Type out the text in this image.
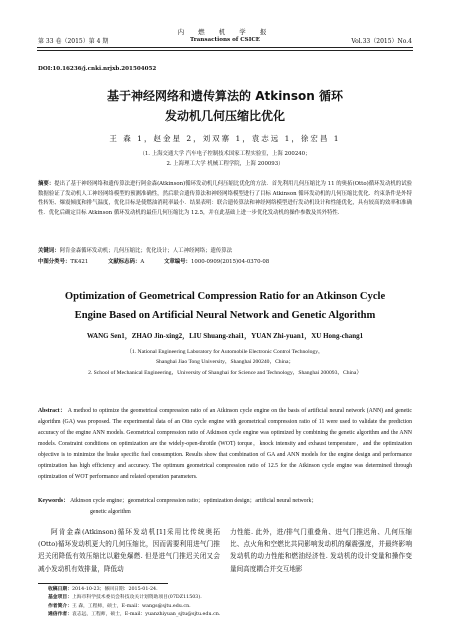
第 33 卷（2015）第 4 期
内 燃 机 学 报
Transactions of CSICE	Vol.33（2015）No.4
DOI:10.16236/j.cnki.nrjxb.201504052
基于神经网络和遗传算法的 Atkinson 循环
发动机几何压缩比优化
王 森 1，赵金星 2，刘双寨 1，袁志远 1，徐宏昌 1
（1. 上海交通大学 汽车电子控制技术国家工程实验室，上海 200240；
2. 上海理工大学 机械工程学院，上海 200093）
摘要：提出了基于神经网络和遗传算法进行阿金森(Atkinson)循环发动机几何压缩比优化的方法．首先利用几何压缩比为 11 的奥拓(Otto)循环发动机的试验数据验证了发动机人工神经网络模型的预测准确性，然后联合遗传算法和神经网络模型进行了目标 Atkinson 循环发动机的几何压缩比优化．约束条件是外特性转矩、爆震倾度和排气温度，优化目标是使燃油消耗率最小．结果表明：联合遗传算法和神经网络模型进行发动机设计和性能优化，具有较高的效率和准确性．优化后确定目标 Atkinson 循环发动机的最佳几何压缩比为 12.5，并在此基础上进一步优化发动机的操作参数及其外特性．
关键词：阿肯金森循环发动机；几何压缩比；优化设计；人工神经网络；遗传算法
中图分类号：TK421	文献标志码：A	文章编号：1000-0909(2015)04-0370-08
Optimization of Geometrical Compression Ratio for an Atkinson Cycle
Engine Based on Artificial Neural Network and Genetic Algorithm
WANG Sen1，ZHAO Jin-xing2，LIU Shuang-zhai1，YUAN Zhi-yuan1，XU Hong-chang1
（1. National Engineering Laboratory for Automobile Electronic Control Technology，
Shanghai Jiao Tong University，Shanghai 200240，China；
2. School of Mechanical Engineering，University of Shanghai for Science and Technology，Shanghai 200093，China）
Abstract： A method to optimize the geometrical compression ratio of an Atkinson cycle engine on the basis of artificial neural network (ANN) and genetic algorithm (GA) was proposed. The experimental data of an Otto cycle engine with geometrical compression ratio of 11 were used to validate the prediction accuracy of the engine ANN models. Geometrical compression ratio of Atkinson cycle engine was optimized by combining the genetic algorithm and the ANN models. Constraint conditions on optimization are the widely-open-throttle (WOT) torque，knock intensity and exhaust temperature，and the optimization objective is to minimize the brake specific fuel consumption. Results show that combination of GA and ANN models for the engine design and performance optimization has high efficiency and accuracy. The optimum geometrical compression ratio of 12.5 for the Atkinson cycle engine was determined through optimization of WOT performance and related operation parameters.
Keywords： Atkinson cycle engine；geometrical compression ratio；optimization design；artificial neural network；
genetic algorithm
阿肯金森(Atkinson)循环发动机[1]采用比传统奥拓(Otto)循环发动机更大的几何压缩比，因而需要利用进气门推迟关闭降低有效压缩比以避免爆燃. 但是进气门推迟关闭又会减小发动机有效排量，降低动
力性能. 此外，进/排气门重叠角、进气门推迟角、几何压缩比、点火角和空燃比共同影响发动机的爆震强度，并最终影响发动机的动力性能和燃油经济性. 发动机的设计变量和操作变量间高度耦合并交互地影
收稿日期：2014-10-23；修回日期：2015-01-24.
基金项目：上海市科学技术委员会科技攻关计划资助项目(07DZ11503).
作者简介：王 森，工程师，硕士，E-mail：wangs@sjtu.edu.cn.
通信作者：袁志远，工程师，硕士，E-mail：yuanzhiyuan_sjtu@sjtu.edu.cn.
